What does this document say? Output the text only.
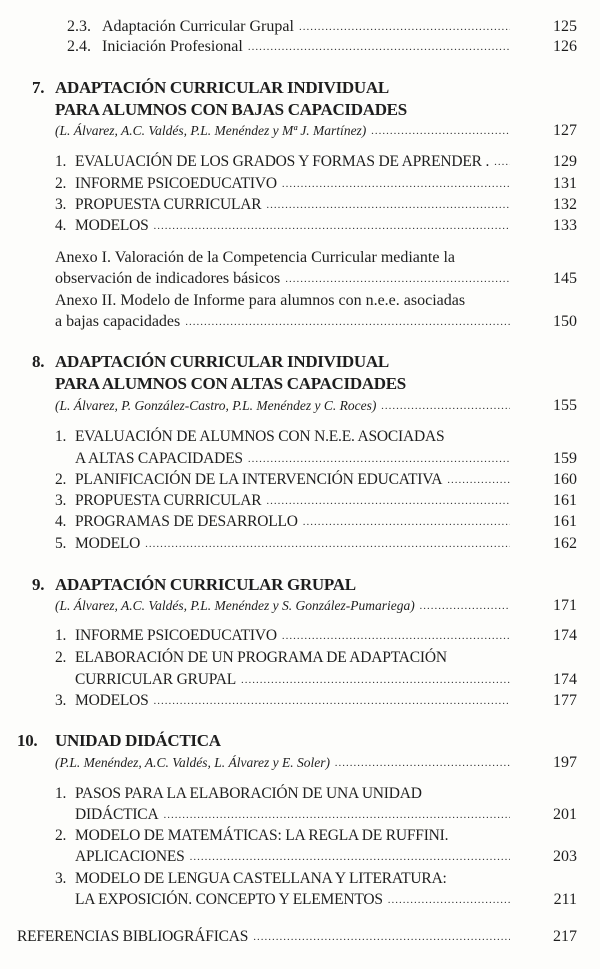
2.3. Adaptación Curricular Grupal .....	125
2.4. Iniciación Profesional .....	126
7. ADAPTACIÓN CURRICULAR INDIVIDUAL
PARA ALUMNOS CON BAJAS CAPACIDADES
(L. Álvarez, A.C. Valdés, P.L. Menéndez y Mª J. Martínez) .....	127
1. EVALUACIÓN DE LOS GRADOS Y FORMAS DE APRENDER . .....	129
2. INFORME PSICOEDUCATIVO .....	131
3. PROPUESTA CURRICULAR .....	132
4. MODELOS .....	133
Anexo I. Valoración de la Competencia Curricular mediante la
observación de indicadores básicos .....	145
Anexo II. Modelo de Informe para alumnos con n.e.e. asociadas
a bajas capacidades .....	150
8. ADAPTACIÓN CURRICULAR INDIVIDUAL
PARA ALUMNOS CON ALTAS CAPACIDADES
(L. Álvarez, P. González-Castro, P.L. Menéndez y C. Roces) .....	155
1. EVALUACIÓN DE ALUMNOS CON N.E.E. ASOCIADAS
A ALTAS CAPACIDADES .....	159
2. PLANIFICACIÓN DE LA INTERVENCIÓN EDUCATIVA .....	160
3. PROPUESTA CURRICULAR .....	161
4. PROGRAMAS DE DESARROLLO .....	161
5. MODELO .....	162
9. ADAPTACIÓN CURRICULAR GRUPAL
(L. Álvarez, A.C. Valdés, P.L. Menéndez y S. González-Pumariega) .....	171
1. INFORME PSICOEDUCATIVO .....	174
2. ELABORACIÓN DE UN PROGRAMA DE ADAPTACIÓN
CURRICULAR GRUPAL .....	174
3. MODELOS .....	177
10. UNIDAD DIDÁCTICA
(P.L. Menéndez, A.C. Valdés, L. Álvarez y E. Soler) .....	197
1. PASOS PARA LA ELABORACIÓN DE UNA UNIDAD
DIDÁCTICA .....	201
2. MODELO DE MATEMÁTICAS: LA REGLA DE RUFFINI.
APLICACIONES .....	203
3. MODELO DE LENGUA CASTELLANA Y LITERATURA:
LA EXPOSICIÓN. CONCEPTO Y ELEMENTOS .....	211
REFERENCIAS BIBLIOGRÁFICAS .....	217
